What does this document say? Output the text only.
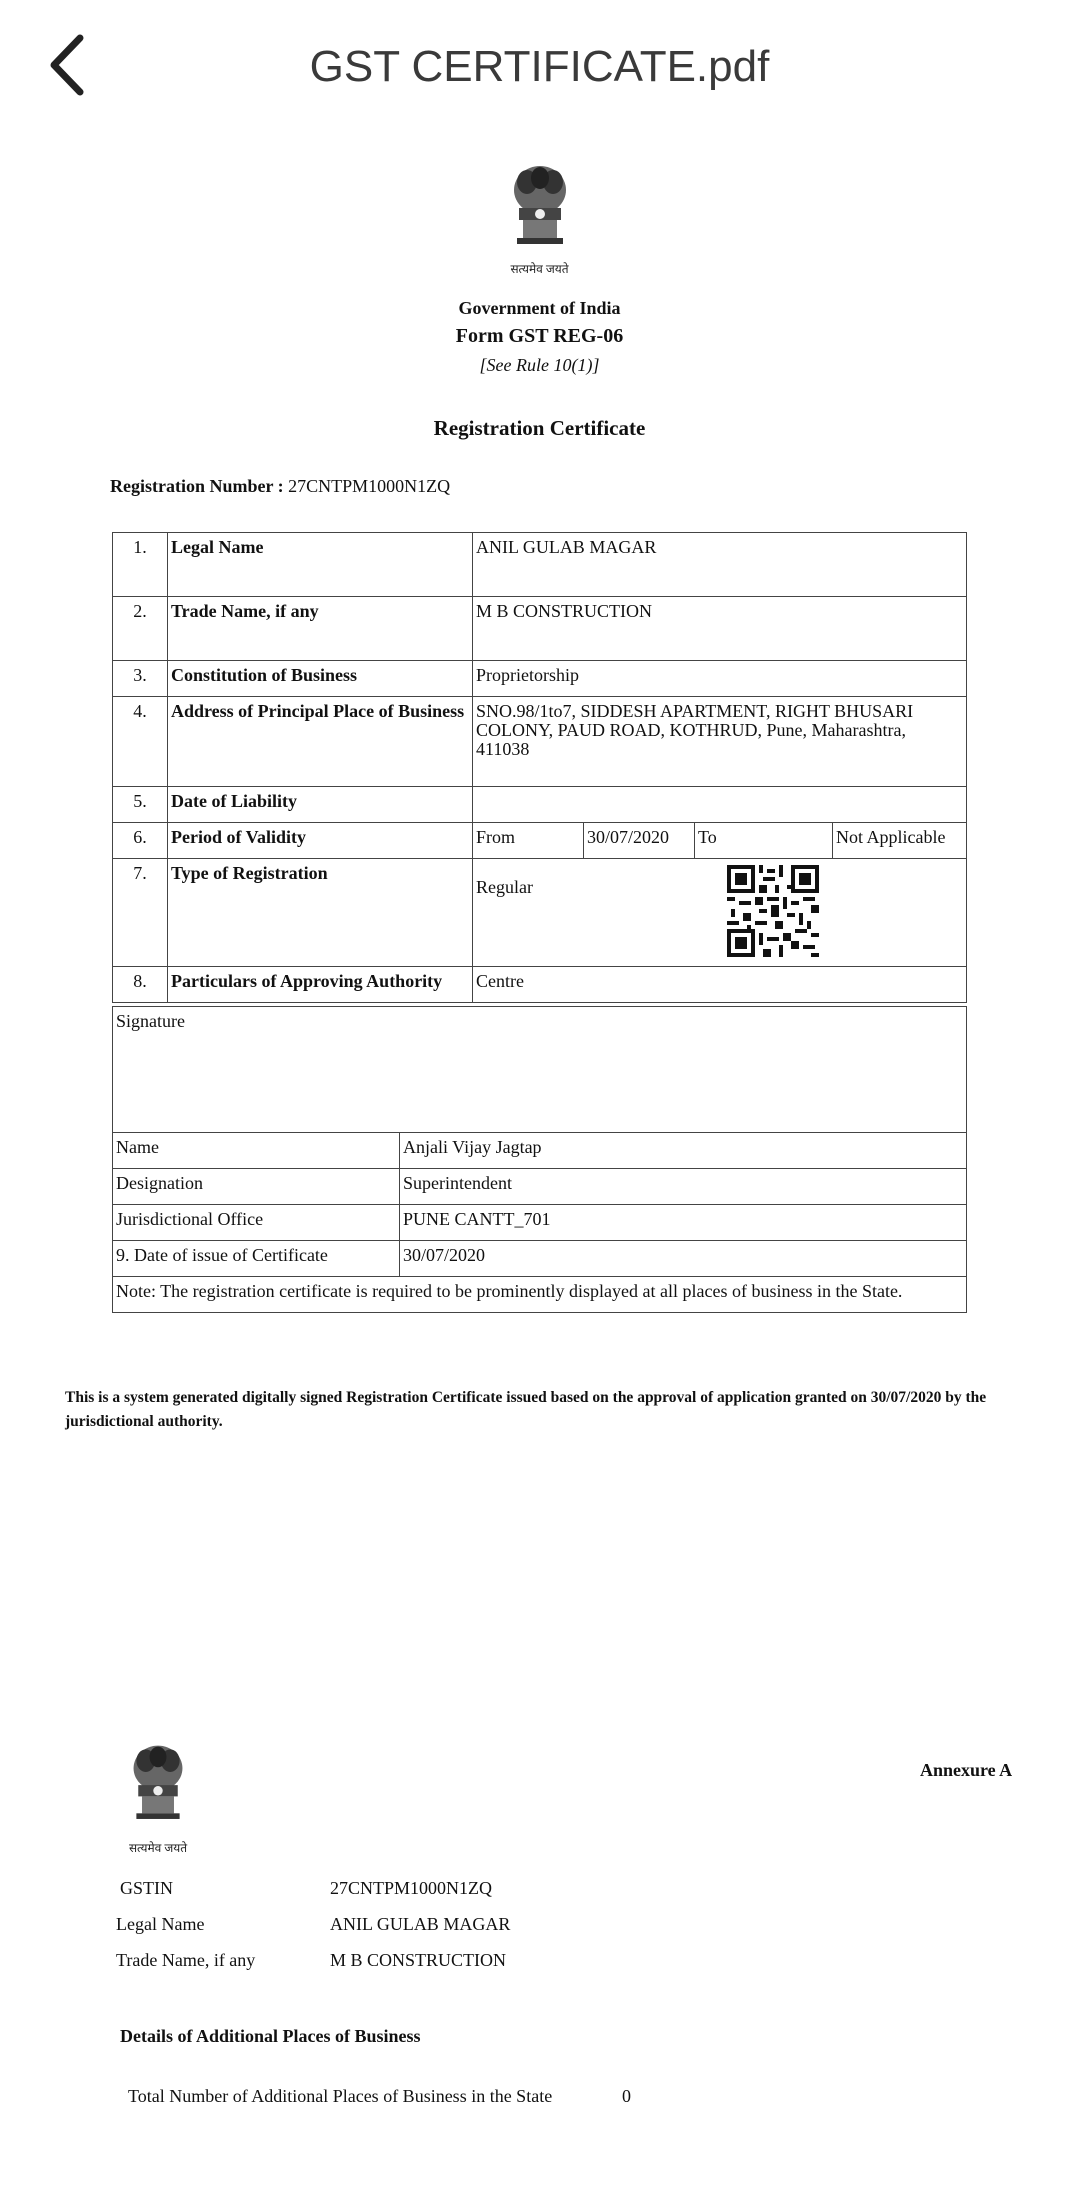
GST CERTIFICATE.pdf
सत्यमेव जयते
Government of India
Form GST REG-06
[See Rule 10(1)]
Registration Certificate
Registration Number : 27CNTPM1000N1ZQ
1.	Legal Name	ANIL GULAB MAGAR			
2.	Trade Name, if any	M B CONSTRUCTION			
3.	Constitution of Business	Proprietorship			
4.	Address of Principal Place of Business	SNO.98/1to7, SIDDESH APARTMENT, RIGHT BHUSARI COLONY, PAUD ROAD, KOTHRUD, Pune, Maharashtra, 411038			
5.	Date of Liability				
6.	Period of Validity	From	30/07/2020	To	Not Applicable
7.	Type of Registration	Regular			

8.	Particulars of Approving Authority	Centre			
Signature	
Name	Anjali Vijay Jagtap
Designation	Superintendent
Jurisdictional Office	PUNE CANTT_701
9. Date of issue of Certificate	30/07/2020
Note: The registration certificate is required to be prominently displayed at all places of business in the State.	
This is a system generated digitally signed Registration Certificate issued based on the approval of application granted on 30/07/2020 by the jurisdictional authority.
सत्यमेव जयते
Annexure A
GSTIN	27CNTPM1000N1ZQ
Legal Name	ANIL GULAB MAGAR
Trade Name, if any	M B CONSTRUCTION
Details of Additional Places of Business
Total Number of Additional Places of Business in the State	0
